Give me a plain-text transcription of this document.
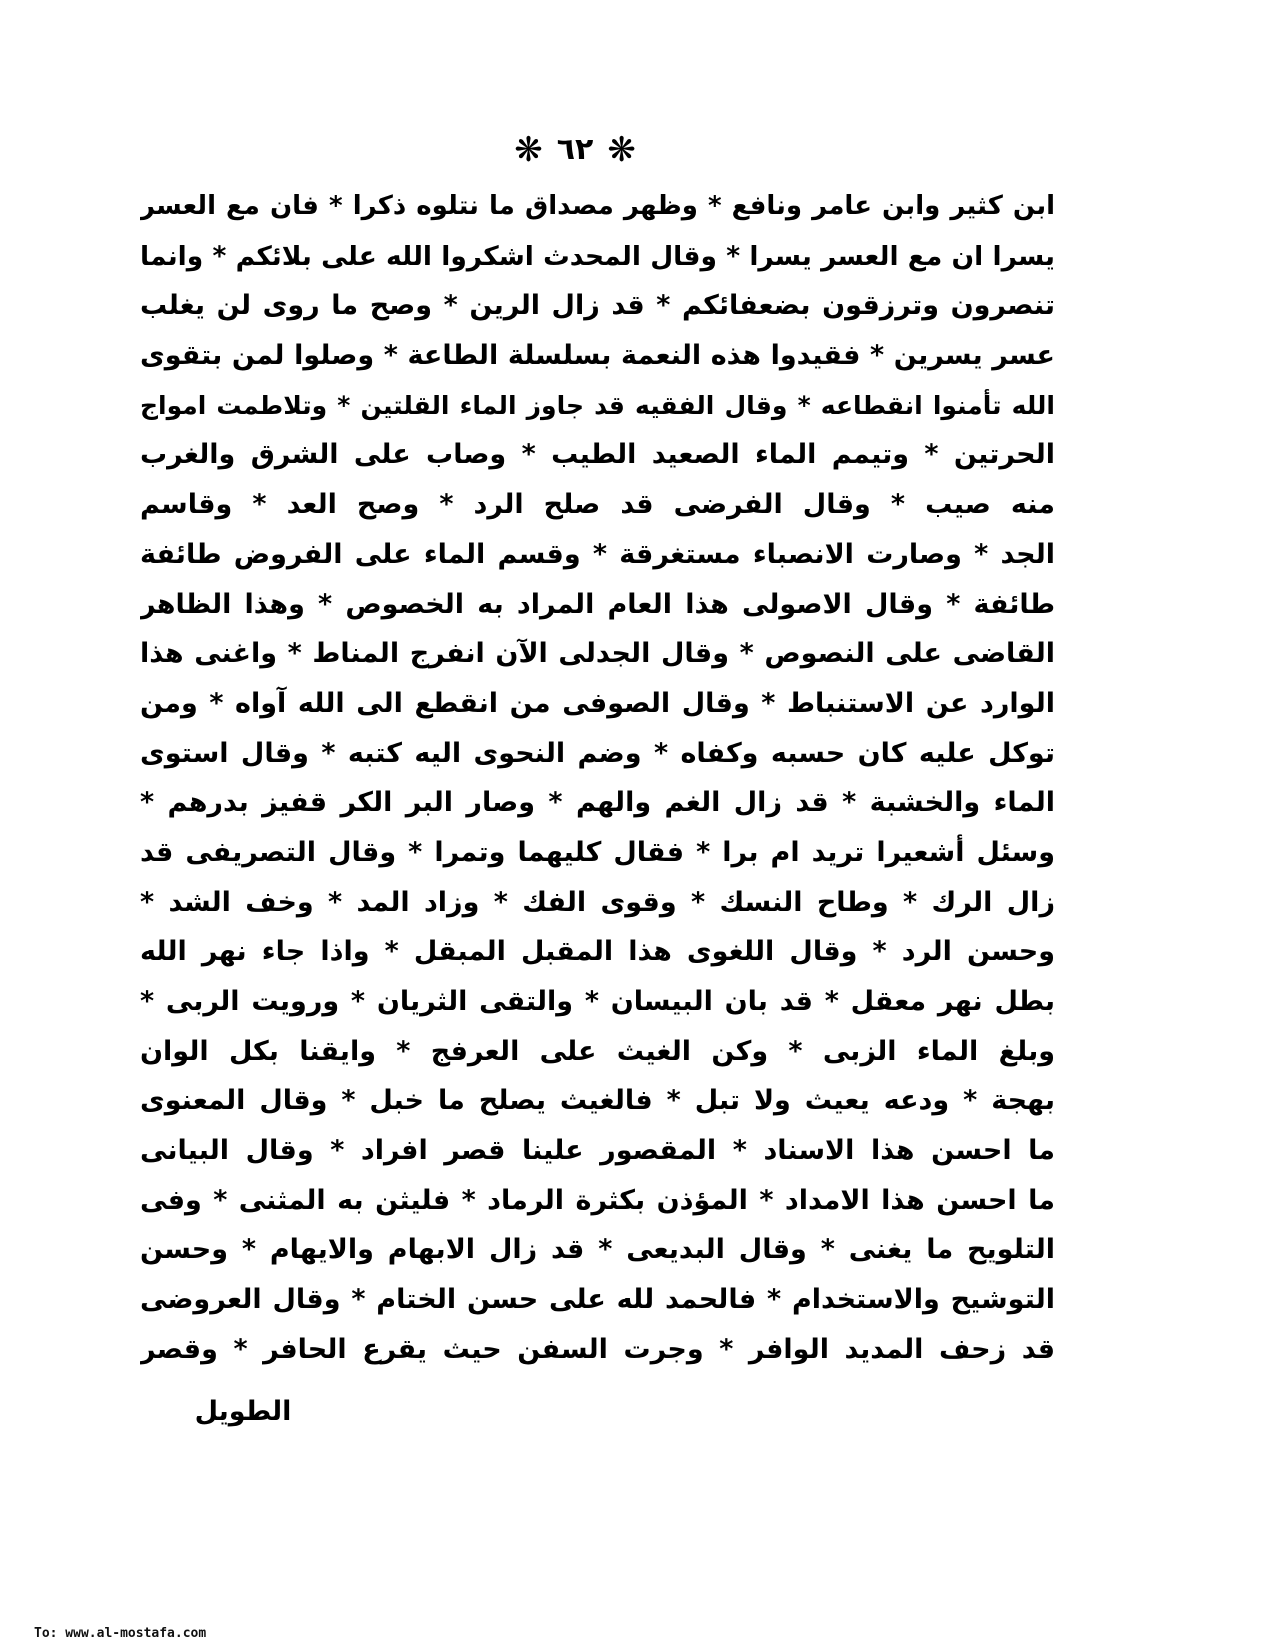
❋
٦٢
❋
ابن كثير وابن عامر ونافع * وظهر مصداق ما نتلوه ذكرا * فان مع العسر
يسرا ان مع العسر يسرا * وقال المحدث اشكروا الله على بلائكم * وانما
تنصرون وترزقون بضعفائكم * قد زال الرين * وصح ما روى لن يغلب
عسر يسرين * فقيدوا هذه النعمة بسلسلة الطاعة * وصلوا لمن بتقوى
الله تأمنوا انقطاعه * وقال الفقيه قد جاوز الماء القلتين * وتلاطمت امواج
الحرتين * وتيمم الماء الصعيد الطيب * وصاب على الشرق والغرب
منه صيب * وقال الفرضى قد صلح الرد * وصح العد * وقاسم
الجد * وصارت الانصباء مستغرقة * وقسم الماء على الفروض طائفة
طائفة * وقال الاصولى هذا العام المراد به الخصوص * وهذا الظاهر
القاضى على النصوص * وقال الجدلى الآن انفرج المناط * واغنى هذا
الوارد عن الاستنباط * وقال الصوفى من انقطع الى الله آواه * ومن
توكل عليه كان حسبه وكفاه * وضم النحوى اليه كتبه * وقال استوى
الماء والخشبة * قد زال الغم والهم * وصار البر الكر قفيز بدرهم *
وسئل أشعيرا تريد ام برا * فقال كليهما وتمرا * وقال التصريفى قد
زال الرك * وطاح النسك * وقوى الفك * وزاد المد * وخف الشد *
وحسن الرد * وقال اللغوى هذا المقبل المبقل * واذا جاء نهر الله
بطل نهر معقل * قد بان البيسان * والتقى الثريان * ورويت الربى *
وبلغ الماء الزبى * وكن الغيث على العرفج * وايقنا بكل الوان
بهجة * ودعه يعيث ولا تبل * فالغيث يصلح ما خبل * وقال المعنوى
ما احسن هذا الاسناد * المقصور علينا قصر افراد * وقال البيانى
ما احسن هذا الامداد * المؤذن بكثرة الرماد * فليثن به المثنى * وفى
التلويح ما يغنى * وقال البديعى * قد زال الابهام والايهام * وحسن
التوشيح والاستخدام * فالحمد لله على حسن الختام * وقال العروضى
قد زحف المديد الوافر * وجرت السفن حيث يقرع الحافر * وقصر
الطويل
To: www.al-mostafa.com
